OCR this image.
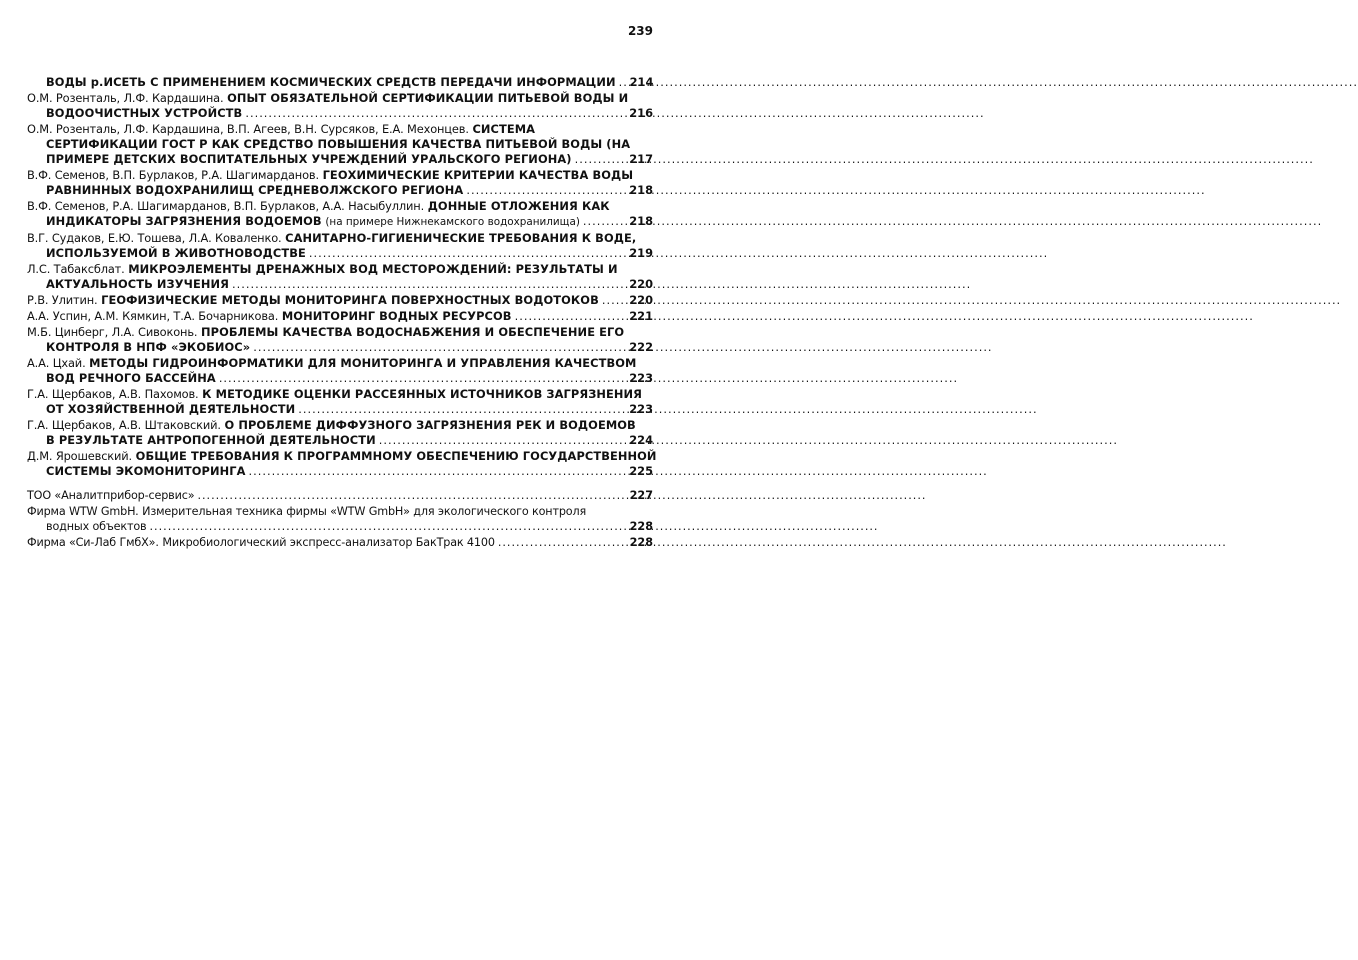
239
ВОДЫ р.ИСЕТЬ С ПРИМЕНЕНИЕМ КОСМИЧЕСКИХ СРЕДСТВ ПЕРЕДАЧИ ИНФОРМАЦИИ ..... 214
О.М. Розенталь, Л.Ф. Кардашина. ОПЫТ ОБЯЗАТЕЛЬНОЙ СЕРТИФИКАЦИИ ПИТЬЕВОЙ ВОДЫ И
ВОДООЧИСТНЫХ УСТРОЙСТВ .....	216
О.М. Розенталь, Л.Ф. Кардашина, В.П. Агеев, В.Н. Сурсяков, Е.А. Мехонцев. СИСТЕМА
СЕРТИФИКАЦИИ ГОСТ Р КАК СРЕДСТВО ПОВЫШЕНИЯ КАЧЕСТВА ПИТЬЕВОЙ ВОДЫ (НА
ПРИМЕРЕ ДЕТСКИХ ВОСПИТАТЕЛЬНЫХ УЧРЕЖДЕНИЙ УРАЛЬСКОГО РЕГИОНА) .....	217
В.Ф. Семенов, В.П. Бурлаков, Р.А. Шагимарданов. ГЕОХИМИЧЕСКИЕ КРИТЕРИИ КАЧЕСТВА ВОДЫ
РАВНИННЫХ ВОДОХРАНИЛИЩ СРЕДНЕВОЛЖСКОГО РЕГИОНА .....	218
В.Ф. Семенов, Р.А. Шагимарданов, В.П. Бурлаков, А.А. Насыбуллин. ДОННЫЕ ОТЛОЖЕНИЯ КАК
ИНДИКАТОРЫ ЗАГРЯЗНЕНИЯ ВОДОЕМОВ (на примере Нижнекамского водохранилища) .....	218
В.Г. Судаков, Е.Ю. Тошева, Л.А. Коваленко. САНИТАРНО-ГИГИЕНИЧЕСКИЕ ТРЕБОВАНИЯ К ВОДЕ,
ИСПОЛЬЗУЕМОЙ В ЖИВОТНОВОДСТВЕ .....	219
Л.С. Табаксблат. МИКРОЭЛЕМЕНТЫ ДРЕНАЖНЫХ ВОД МЕСТОРОЖДЕНИЙ: РЕЗУЛЬТАТЫ И
АКТУАЛЬНОСТЬ ИЗУЧЕНИЯ .....	220
Р.В. Улитин. ГЕОФИЗИЧЕСКИЕ МЕТОДЫ МОНИТОРИНГА ПОВЕРХНОСТНЫХ ВОДОТОКОВ .....	220
А.А. Успин, А.М. Кямкин, Т.А. Бочарникова. МОНИТОРИНГ ВОДНЫХ РЕСУРСОВ .....	221
М.Б. Цинберг, Л.А. Сивоконь. ПРОБЛЕМЫ КАЧЕСТВА ВОДОСНАБЖЕНИЯ И ОБЕСПЕЧЕНИЕ ЕГО
КОНТРОЛЯ В НПФ «ЭКОБИОС» .....	222
А.А. Цхай. МЕТОДЫ ГИДРОИНФОРМАТИКИ ДЛЯ МОНИТОРИНГА И УПРАВЛЕНИЯ КАЧЕСТВОМ
ВОД РЕЧНОГО БАССЕЙНА .....	223
Г.А. Щербаков, А.В. Пахомов. К МЕТОДИКЕ ОЦЕНКИ РАССЕЯННЫХ ИСТОЧНИКОВ ЗАГРЯЗНЕНИЯ
ОТ ХОЗЯЙСТВЕННОЙ ДЕЯТЕЛЬНОСТИ .....	223
Г.А. Щербаков, А.В. Штаковский. О ПРОБЛЕМЕ ДИФФУЗНОГО ЗАГРЯЗНЕНИЯ РЕК И ВОДОЕМОВ
В РЕЗУЛЬТАТЕ АНТРОПОГЕННОЙ ДЕЯТЕЛЬНОСТИ .....	224
Д.М. Ярошевский. ОБЩИЕ ТРЕБОВАНИЯ К ПРОГРАММНОМУ ОБЕСПЕЧЕНИЮ ГОСУДАРСТВЕННОЙ
СИСТЕМЫ ЭКОМОНИТОРИНГА .....	225
ТОО «Аналитприбор-сервис» .....	227
Фирма WTW GmbH. Измерительная техника фирмы «WTW GmbH» для экологического контроля
водных объектов .....	228
Фирма «Си-Лаб ГмбХ». Микробиологический экспресс-анализатор БакТрак 4100 .....	228
